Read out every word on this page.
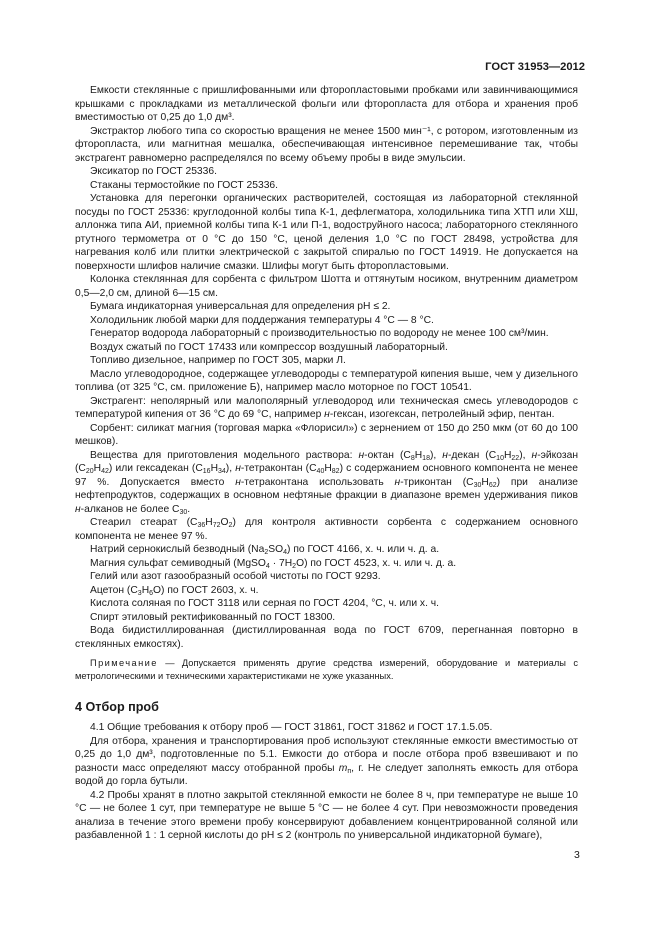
ГОСТ 31953—2012

Емкости стеклянные с пришлифованными или фторопластовыми пробками или завинчивающимися крышками с прокладками из металлической фольги или фторопласта для отбора и хранения проб вместимостью от 0,25 до 1,0 дм³.

Экстрактор любого типа со скоростью вращения не менее 1500 мин⁻¹, с ротором, изготовленным из фторопласта, или магнитная мешалка, обеспечивающая интенсивное перемешивание так, чтобы экстрагент равномерно распределялся по всему объему пробы в виде эмульсии.

Эксикатор по ГОСТ 25336.

Стаканы термостойкие по ГОСТ 25336.

Установка для перегонки органических растворителей, состоящая из лабораторной стеклянной посуды по ГОСТ 25336: круглодонной колбы типа К-1, дефлегматора, холодильника типа ХТП или ХШ, аллонжа типа АИ, приемной колбы типа К-1 или П-1, водоструйного насоса; лабораторного стеклянного ртутного термометра от 0 °С до 150 °С, ценой деления 1,0 °С по ГОСТ 28498, устройства для нагревания колб или плитки электрической с закрытой спиралью по ГОСТ 14919. Не допускается на поверхности шлифов наличие смазки. Шлифы могут быть фторопластовыми.

Колонка стеклянная для сорбента с фильтром Шотта и оттянутым носиком, внутренним диаметром 0,5—2,0 см, длиной 6—15 см.

Бумага индикаторная универсальная для определения рН ≤ 2.

Холодильник любой марки для поддержания температуры 4 °С — 8 °С.

Генератор водорода лабораторный с производительностью по водороду не менее 100 см³/мин.

Воздух сжатый по ГОСТ 17433 или компрессор воздушный лабораторный.

Топливо дизельное, например по ГОСТ 305, марки Л.

Масло углеводородное, содержащее углеводороды с температурой кипения выше, чем у дизельного топлива (от 325 °С, см. приложение Б), например масло моторное по ГОСТ 10541.

Экстрагент: неполярный или малополярный углеводород или техническая смесь углеводородов с температурой кипения от 36 °С до 69 °С, например н-гексан, изогексан, петролейный эфир, пентан.

Сорбент: силикат магния (торговая марка «Флорисил») с зернением от 150 до 250 мкм (от 60 до 100 мешков).

Вещества для приготовления модельного раствора: н-октан $(C_8H_{18})$, н-декан $(C_{10}H_{22})$, н-эйкозан $(C_{20}H_{42})$ или гексадекан $(C_{16}H_{34})$, н-тетраконтан $(C_{40}H_{82})$ с содержанием основного компонента не менее 97 %. Допускается вместо н-тетраконтана использовать н-триконтан $(C_{30}H_{62})$ при анализе нефтепродуктов, содержащих в основном нефтяные фракции в диапазоне времен удерживания пиков н-алканов не более $C_{30}$.

Стеарил стеарат $(C_{36}H_{72}O_2)$ для контроля активности сорбента с содержанием основного компонента не менее 97 %.

Натрий сернокислый безводный $(Na_2SO_4)$ по ГОСТ 4166, х. ч. или ч. д. а.

Магния сульфат семиводный (MgSO$_4$ · $7H_2O$) по ГОСТ 4523, х. ч. или ч. д. а.

Гелий или азот газообразный особой чистоты по ГОСТ 9293.

Ацетон $(C_3H_6O)$ по ГОСТ 2603, х. ч.

Кислота соляная по ГОСТ 3118 или серная по ГОСТ 4204, °С, ч. или х. ч.

Спирт этиловый ректификованный по ГОСТ 18300.

Вода бидистиллированная (дистиллированная вода по ГОСТ 6709, перегнанная повторно в стеклянных емкостях).

Примечание — Допускается применять другие средства измерений, оборудование и материалы с метрологическими и техническими характеристиками не хуже указанных.

4 Отбор проб

4.1 Общие требования к отбору проб — ГОСТ 31861, ГОСТ 31862 и ГОСТ 17.1.5.05.

Для отбора, хранения и транспортирования проб используют стеклянные емкости вместимостью от 0,25 до 1,0 дм³, подготовленные по 5.1. Емкости до отбора и после отбора проб взвешивают и по разности масс определяют массу отобранной пробы $m_п$, г. Не следует заполнять емкость для отбора водой до горла бутыли.

4.2 Пробы хранят в плотно закрытой стеклянной емкости не более 8 ч, при температуре не выше 10 °С — не более 1 сут, при температуре не выше 5 °С — не более 4 сут. При невозможности проведения анализа в течение этого времени пробу консервируют добавлением концентрированной соляной или разбавленной 1 : 1 серной кислоты до рН ≤ 2 (контроль по универсальной индикаторной бумаге),

3
